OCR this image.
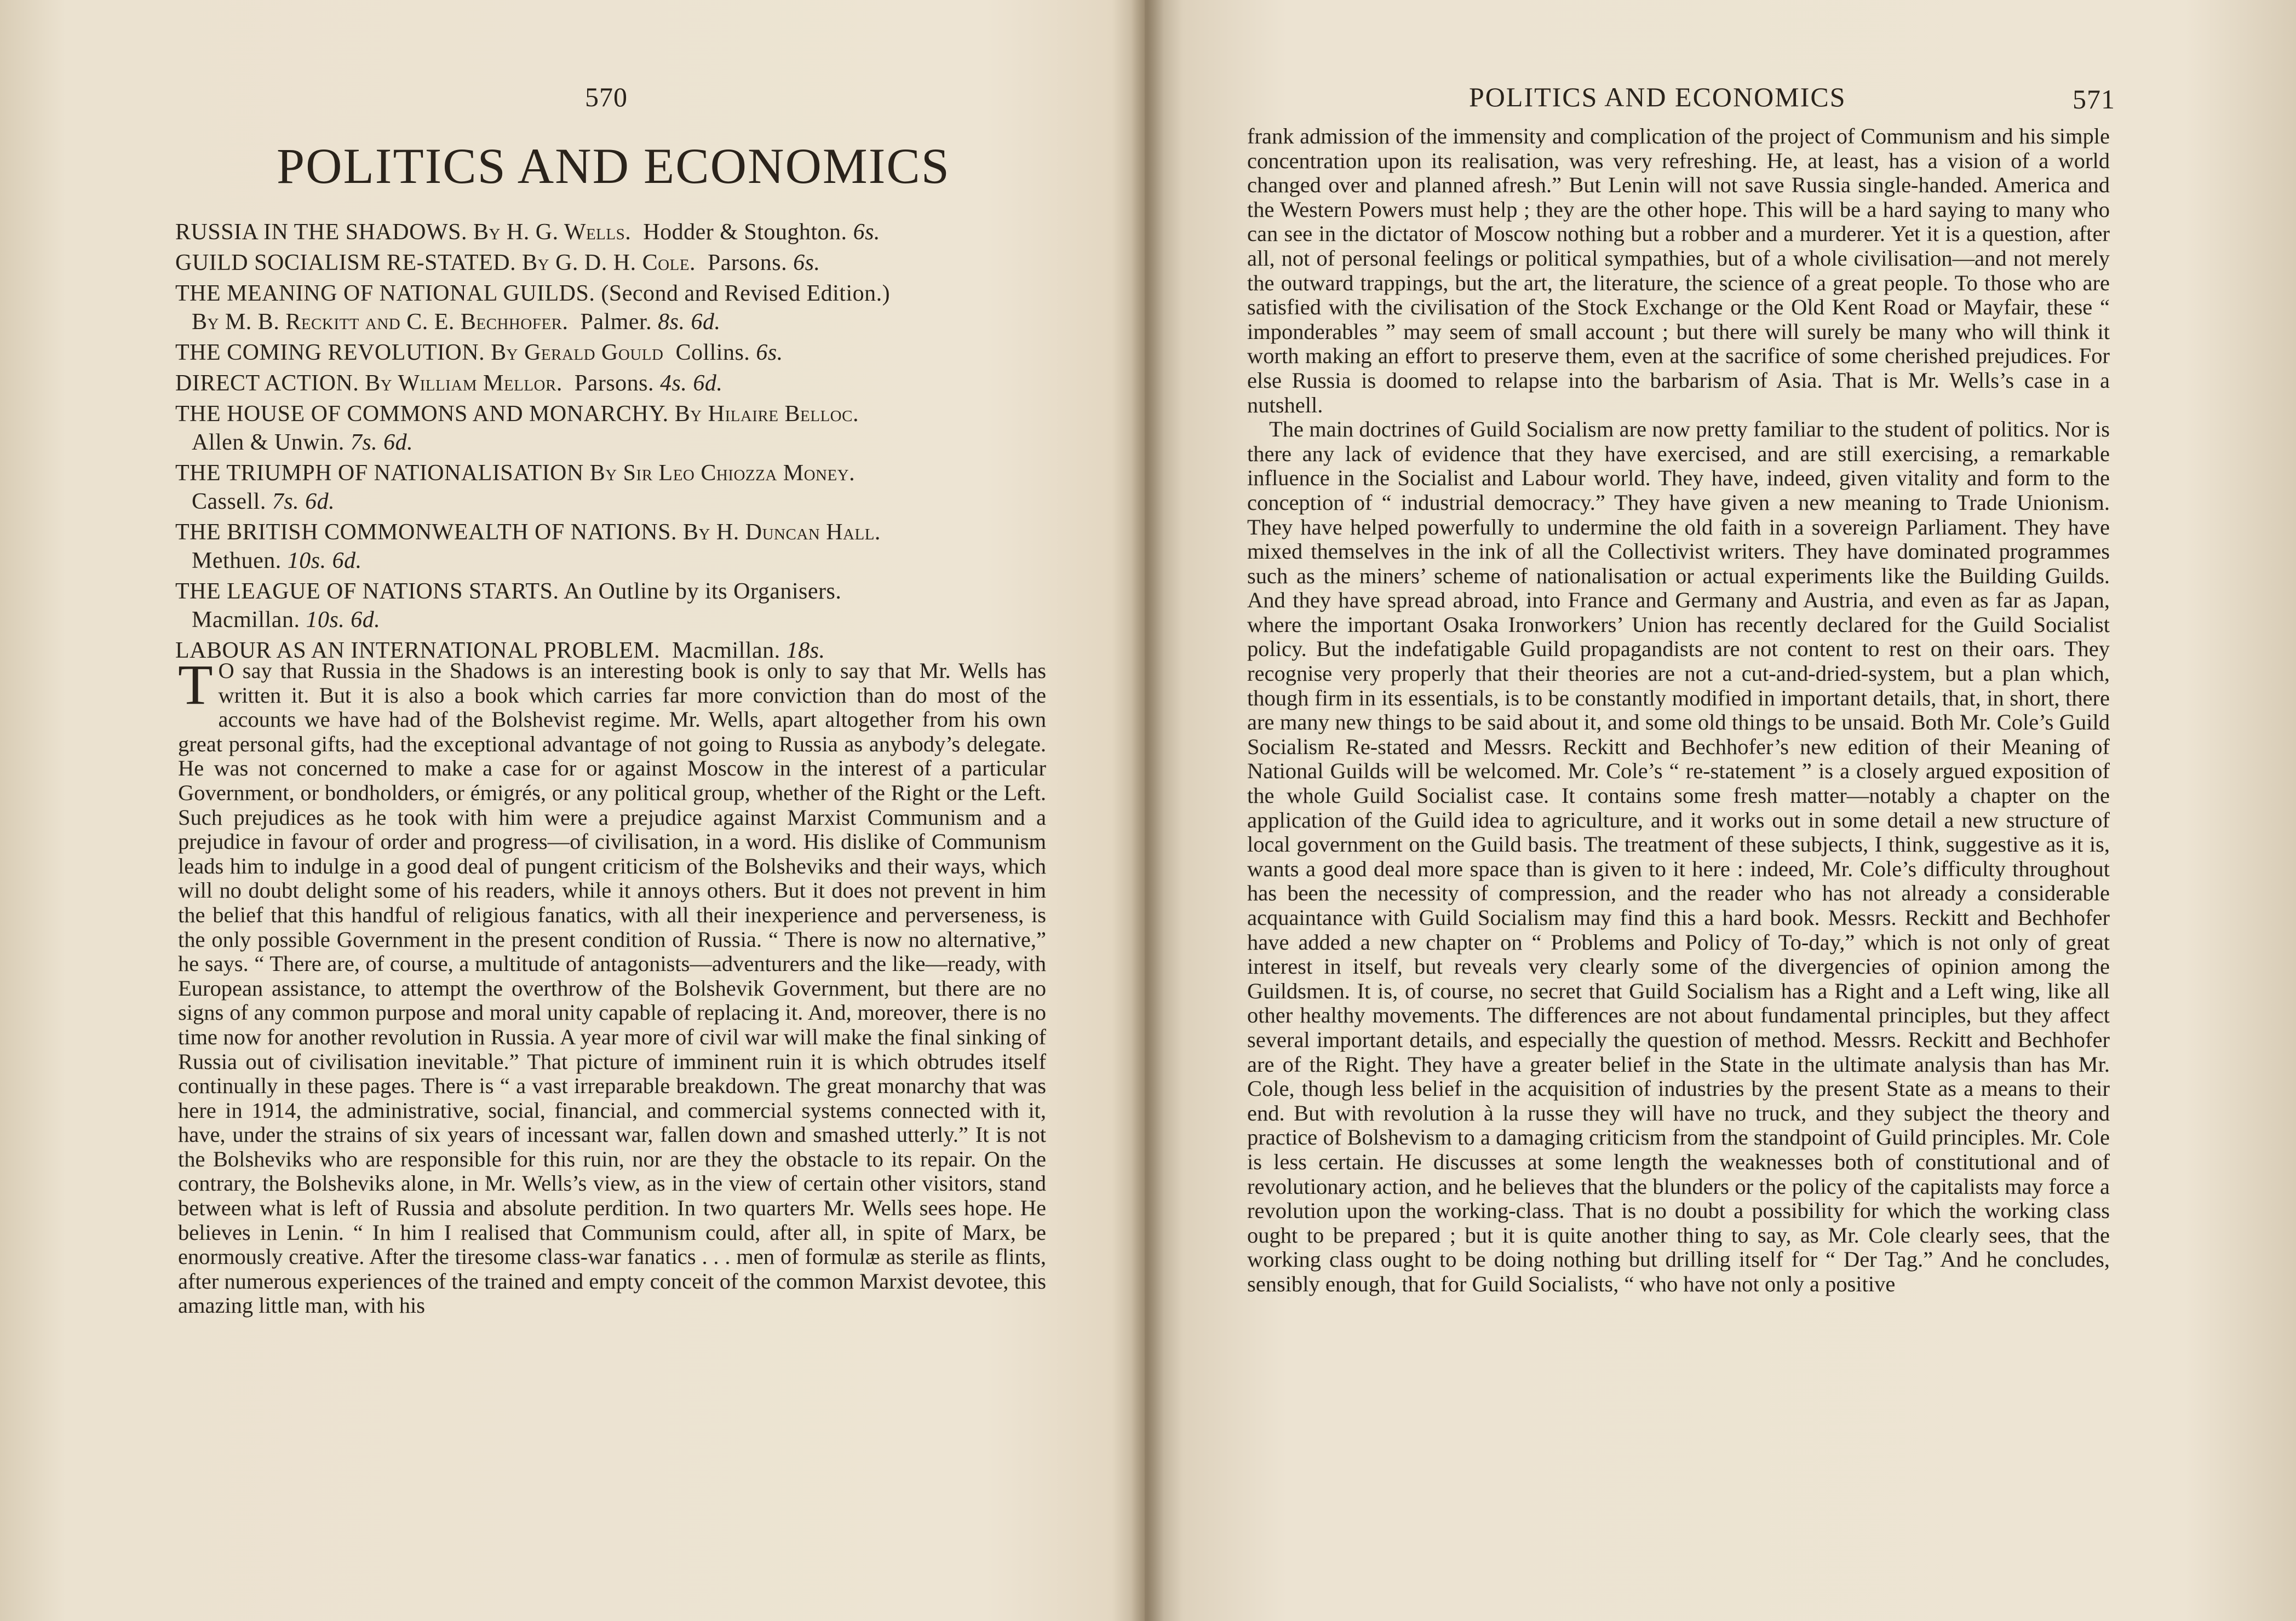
570
POLITICS AND ECONOMICS
RUSSIA IN THE SHADOWS. By H. G. Wells. Hodder & Stoughton. 6s.
GUILD SOCIALISM RE-STATED. By G. D. H. Cole. Parsons. 6s.
THE MEANING OF NATIONAL GUILDS. (Second and Revised Edition.)
By M. B. Reckitt and C. E. Bechhofer. Palmer. 8s. 6d.
THE COMING REVOLUTION. By Gerald Gould Collins. 6s.
DIRECT ACTION. By William Mellor. Parsons. 4s. 6d.
THE HOUSE OF COMMONS AND MONARCHY. By Hilaire Belloc.
Allen & Unwin. 7s. 6d.
THE TRIUMPH OF NATIONALISATION By Sir Leo Chiozza Money.
Cassell. 7s. 6d.
THE BRITISH COMMONWEALTH OF NATIONS. By H. Duncan Hall.
Methuen. 10s. 6d.
THE LEAGUE OF NATIONS STARTS. An Outline by its Organisers.
Macmillan. 10s. 6d.
LABOUR AS AN INTERNATIONAL PROBLEM. Macmillan. 18s.
T O say that Russia in the Shadows is an interesting book is only to say that Mr. Wells has written it. But it is also a book which carries far more conviction than do most of the accounts we have had of the Bolshevist regime. Mr. Wells, apart altogether from his own great personal gifts, had the exceptional advantage of not going to Russia as anybody’s delegate. He was not concerned to make a case for or against Moscow in the interest of a particular Government, or bondholders, or émigrés, or any political group, whether of the Right or the Left. Such prejudices as he took with him were a prejudice against Marxist Communism and a prejudice in favour of order and progress—of civilisation, in a word. His dislike of Communism leads him to indulge in a good deal of pungent criticism of the Bolsheviks and their ways, which will no doubt delight some of his readers, while it annoys others. But it does not prevent in him the belief that this handful of religious fanatics, with all their inexperience and perverseness, is the only possible Government in the present condition of Russia. “ There is now no alternative,” he says. “ There are, of course, a multitude of antagonists—adventurers and the like—ready, with European assistance, to attempt the overthrow of the Bolshevik Government, but there are no signs of any common purpose and moral unity capable of replacing it. And, moreover, there is no time now for another revolution in Russia. A year more of civil war will make the final sinking of Russia out of civilisation inevitable.” That picture of imminent ruin it is which obtrudes itself continually in these pages. There is “ a vast irreparable breakdown. The great monarchy that was here in 1914, the administrative, social, financial, and commercial systems connected with it, have, under the strains of six years of incessant war, fallen down and smashed utterly.” It is not the Bolsheviks who are responsible for this ruin, nor are they the obstacle to its repair. On the contrary, the Bolsheviks alone, in Mr. Wells’s view, as in the view of certain other visitors, stand between what is left of Russia and absolute perdition. In two quarters Mr. Wells sees hope. He believes in Lenin. “ In him I realised that Communism could, after all, in spite of Marx, be enormously creative. After the tiresome class-war fanatics . . . men of formulæ as sterile as flints, after numerous experiences of the trained and empty conceit of the common Marxist devotee, this amazing little man, with his

POLITICS AND ECONOMICS	571

frank admission of the immensity and complication of the project of Communism and his simple concentration upon its realisation, was very refreshing. He, at least, has a vision of a world changed over and planned afresh.” But Lenin will not save Russia single-handed. America and the Western Powers must help ; they are the other hope. This will be a hard saying to many who can see in the dictator of Moscow nothing but a robber and a murderer. Yet it is a question, after all, not of personal feelings or political sympathies, but of a whole civilisation—and not merely the outward trappings, but the art, the literature, the science of a great people. To those who are satisfied with the civilisation of the Stock Exchange or the Old Kent Road or Mayfair, these “ imponderables ” may seem of small account ; but there will surely be many who will think it worth making an effort to preserve them, even at the sacrifice of some cherished prejudices. For else Russia is doomed to relapse into the barbarism of Asia. That is Mr. Wells’s case in a nutshell.

The main doctrines of Guild Socialism are now pretty familiar to the student of politics. Nor is there any lack of evidence that they have exercised, and are still exercising, a remarkable influence in the Socialist and Labour world. They have, indeed, given vitality and form to the conception of “ industrial democracy.” They have given a new meaning to Trade Unionism. They have helped powerfully to undermine the old faith in a sovereign Parliament. They have mixed themselves in the ink of all the Collectivist writers. They have dominated programmes such as the miners’ scheme of nationalisation or actual experiments like the Building Guilds. And they have spread abroad, into France and Germany and Austria, and even as far as Japan, where the important Osaka Ironworkers’ Union has recently declared for the Guild Socialist policy. But the indefatigable Guild propagandists are not content to rest on their oars. They recognise very properly that their theories are not a cut-and-dried-system, but a plan which, though firm in its essentials, is to be constantly modified in important details, that, in short, there are many new things to be said about it, and some old things to be unsaid. Both Mr. Cole’s Guild Socialism Re-stated and Messrs. Reckitt and Bechhofer’s new edition of their Meaning of National Guilds will be welcomed. Mr. Cole’s “ re-statement ” is a closely argued exposition of the whole Guild Socialist case. It contains some fresh matter—notably a chapter on the application of the Guild idea to agriculture, and it works out in some detail a new structure of local government on the Guild basis. The treatment of these subjects, I think, suggestive as it is, wants a good deal more space than is given to it here : indeed, Mr. Cole’s difficulty throughout has been the necessity of compression, and the reader who has not already a considerable acquaintance with Guild Socialism may find this a hard book. Messrs. Reckitt and Bechhofer have added a new chapter on “ Problems and Policy of To-day,” which is not only of great interest in itself, but reveals very clearly some of the divergencies of opinion among the Guildsmen. It is, of course, no secret that Guild Socialism has a Right and a Left wing, like all other healthy movements. The differences are not about fundamental principles, but they affect several important details, and especially the question of method. Messrs. Reckitt and Bechhofer are of the Right. They have a greater belief in the State in the ultimate analysis than has Mr. Cole, though less belief in the acquisition of industries by the present State as a means to their end. But with revolution à la russe they will have no truck, and they subject the theory and practice of Bolshevism to a damaging criticism from the standpoint of Guild principles. Mr. Cole is less certain. He discusses at some length the weaknesses both of constitutional and of revolutionary action, and he believes that the blunders or the policy of the capitalists may force a revolution upon the working-class. That is no doubt a possibility for which the working class ought to be prepared ; but it is quite another thing to say, as Mr. Cole clearly sees, that the working class ought to be doing nothing but drilling itself for “ Der Tag.” And he concludes, sensibly enough, that for Guild Socialists, “ who have not only a positive
